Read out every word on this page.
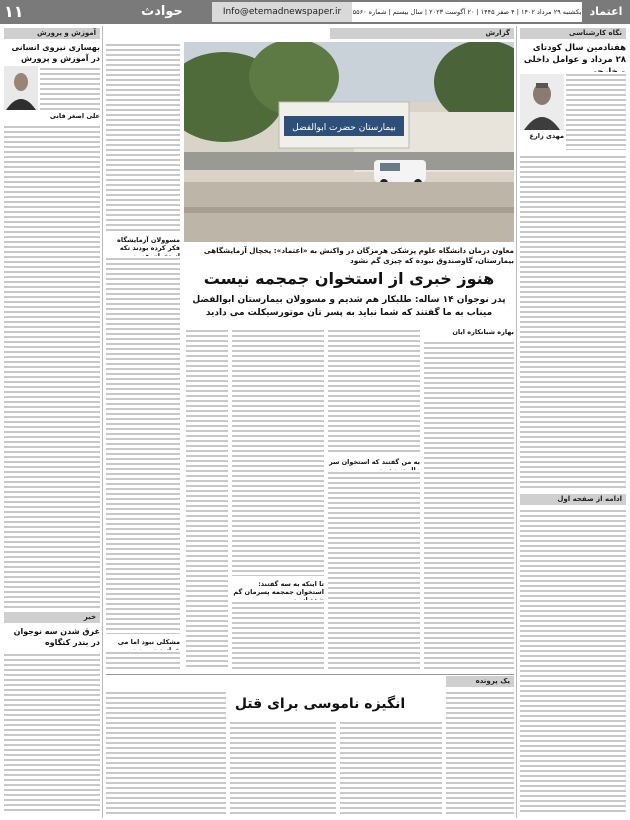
۱۱	حوادث	Info@etemadnewspaper.ir	یکشنبه ۲۹ مرداد ۱۴۰۲ | ۴ صفر ۱۴۴۵ | ۲۰ آگوست ۲۰۲۳ | سال بیستم | شماره ۵۵۶۰ اعتماد
نگاه کارشناسی
هفتادمین سال کودتای ۲۸ مرداد و عوامل داخلی
مهدی زارع
ادامه از صفحه اول
گزارش
بیمارستان حضرت ابوالفضل
معاون درمان دانشگاه علوم پزشکی هرمزگان در واکنش به «اعتماد»: یخچال آزمایشگاهی بیمارستان، گاوصندوق نبوده که چیزی گم نشود
هنوز خبری از استخوان جمجمه نیست
پدر نوجوان ۱۴ ساله: طلبکار هم شدیم و مسوولان بیمارستان ابوالفضل میناب به ما گفتند که شما نباید به پسر تان موتورسیکلت می دادید
بهاره شبانکاره ایان
به من گفتند که استخوان سر
تا اینکه به سه گفتند: استخوان جمجمه پسرمان گم
مسوولان آزمایشگاه فکر کرده بودند تکه
مشکلی نبود اما می
یک پرونده
انگیزه ناموسی برای قتل
آموزش و پرورش
بهسازی نیروی انسانی در آموزش و پرورش
علی اصغر فانی
خبر
غرق شدن سه نوجوان در بندر کنگاوه
